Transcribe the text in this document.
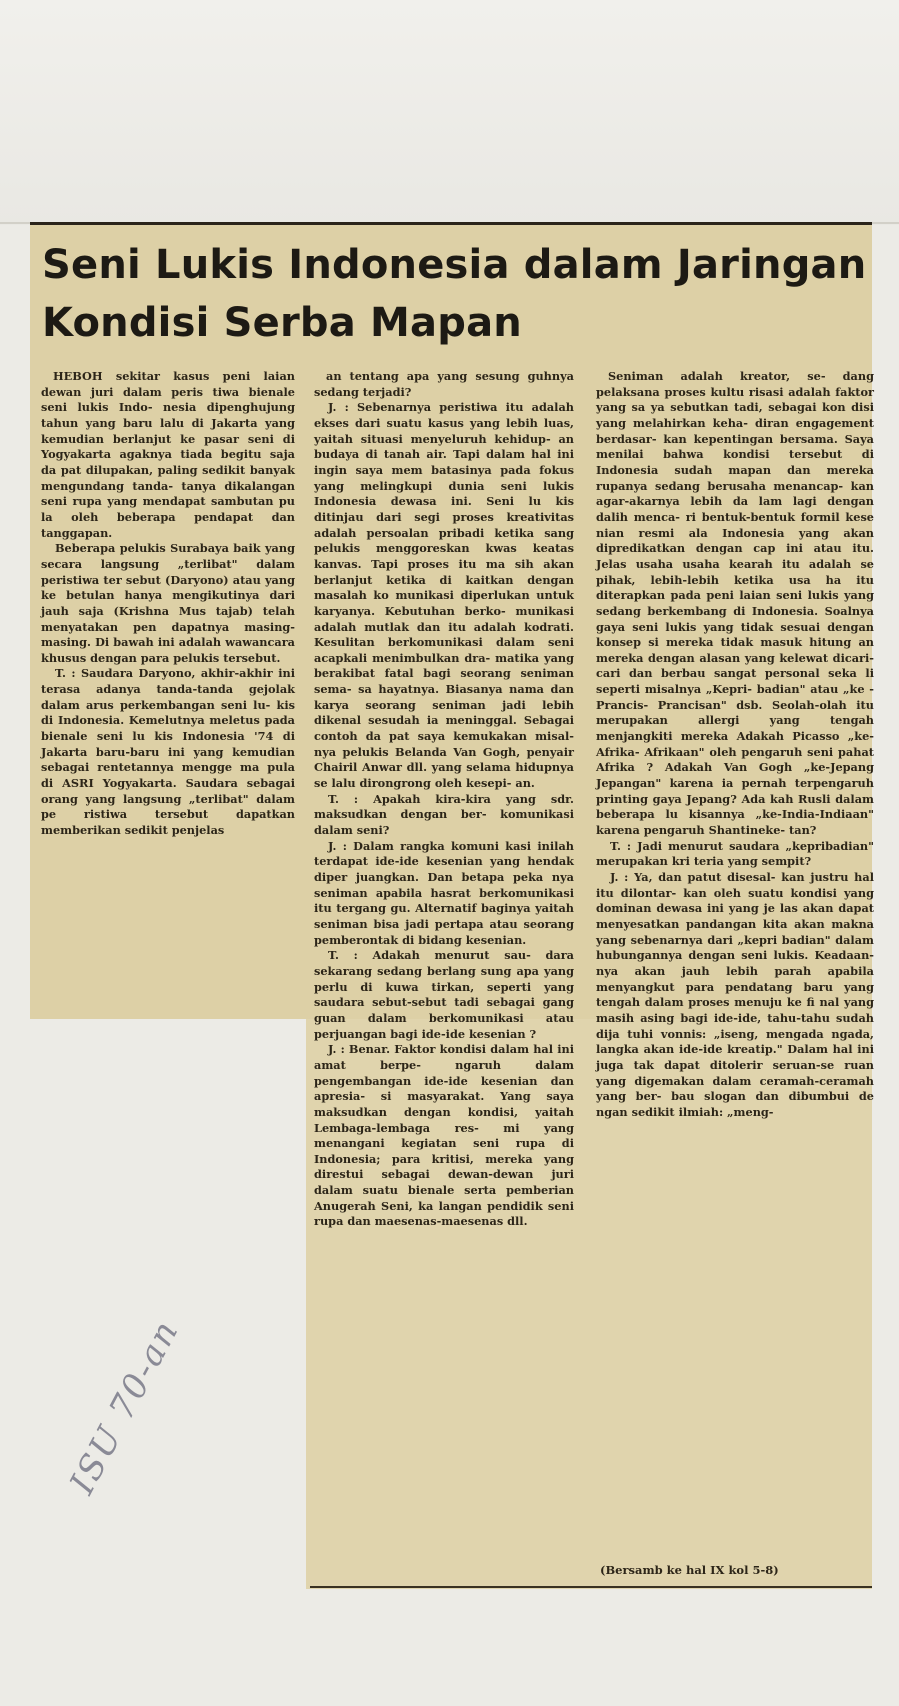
Seni Lukis Indonesia dalam Jaringan
Kondisi Serba Mapan

HEBOH sekitar kasus peni laian dewan juri dalam peris tiwa bienale seni lukis Indo- nesia dipenghujung tahun yang baru lalu di Jakarta yang kemudian berlanjut ke pasar seni di Yogyakarta agaknya tiada begitu saja da pat dilupakan, paling sedikit banyak mengundang tanda- tanya dikalangan seni rupa yang mendapat sambutan pu la oleh beberapa pendapat dan tanggapan.

Beberapa pelukis Surabaya baik yang secara langsung „terlibat" dalam peristiwa ter sebut (Daryono) atau yang ke betulan hanya mengikutinya dari jauh saja (Krishna Mus tajab) telah menyatakan pen dapatnya masing-masing. Di bawah ini adalah wawancara khusus dengan para pelukis tersebut.

T. : Saudara Daryono, akhir-akhir ini terasa adanya tanda-tanda gejolak dalam arus perkembangan seni lu- kis di Indonesia. Kemelutnya meletus pada bienale seni lu kis Indonesia '74 di Jakarta baru-baru ini yang kemudian sebagai rentetannya mengge ma pula di ASRI Yogyakarta. Saudara sebagai orang yang langsung „terlibat" dalam pe ristiwa tersebut dapatkan memberikan sedikit penjelas

an tentang apa yang sesung guhnya sedang terjadi?

J. : Sebenarnya peristiwa itu adalah ekses dari suatu kasus yang lebih luas, yaitah situasi menyeluruh kehidup- an budaya di tanah air. Tapi dalam hal ini ingin saya mem batasinya pada fokus yang melingkupi dunia seni lukis Indonesia dewasa ini. Seni lu kis ditinjau dari segi proses kreativitas adalah persoalan pribadi ketika sang pelukis menggoreskan kwas keatas kanvas. Tapi proses itu ma sih akan berlanjut ketika di kaitkan dengan masalah ko munikasi diperlukan untuk karyanya. Kebutuhan berko- munikasi adalah mutlak dan itu adalah kodrati. Kesulitan berkomunikasi dalam seni acapkali menimbulkan dra- matika yang berakibat fatal bagi seorang seniman sema- sa hayatnya. Biasanya nama dan karya seorang seniman jadi lebih dikenal sesudah ia meninggal. Sebagai contoh da pat saya kemukakan misal- nya pelukis Belanda Van Gogh, penyair Chairil Anwar dll. yang selama hidupnya se lalu dirongrong oleh kesepi- an.

T. : Apakah kira-kira yang sdr. maksudkan dengan ber- komunikasi dalam seni?

J. : Dalam rangka komuni kasi inilah terdapat ide-ide kesenian yang hendak diper juangkan. Dan betapa peka nya seniman apabila hasrat berkomunikasi itu tergang gu. Alternatif baginya yaitah seniman bisa jadi pertapa atau seorang pemberontak di bidang kesenian.

T. : Adakah menurut sau- dara sekarang sedang berlang sung apa yang perlu di kuwa tirkan, seperti yang saudara sebut-sebut tadi sebagai gang guan dalam berkomunikasi atau perjuangan bagi ide-ide kesenian ?

J. : Benar. Faktor kondisi dalam hal ini amat berpe- ngaruh dalam pengembangan ide-ide kesenian dan apresia- si masyarakat. Yang saya maksudkan dengan kondisi, yaitah Lembaga-lembaga res- mi yang menangani kegiatan seni rupa di Indonesia; para kritisi, mereka yang direstui sebagai dewan-dewan juri dalam suatu bienale serta pemberian Anugerah Seni, ka langan pendidik seni rupa dan maesenas-maesenas dll.

Seniman adalah kreator, se- dang pelaksana proses kultu risasi adalah faktor yang sa ya sebutkan tadi, sebagai kon disi yang melahirkan keha- diran engagement berdasar- kan kepentingan bersama. Saya menilai bahwa kondisi tersebut di Indonesia sudah mapan dan mereka rupanya sedang berusaha menancap- kan agar-akarnya lebih da lam lagi dengan dalih menca- ri bentuk-bentuk formil kese nian resmi ala Indonesia yang akan dipredikatkan dengan cap ini atau itu. Jelas usaha usaha kearah itu adalah se pihak, lebih-lebih ketika usa ha itu diterapkan pada peni laian seni lukis yang sedang berkembang di Indonesia. Soalnya gaya seni lukis yang tidak sesuai dengan konsep si mereka tidak masuk hitung an mereka dengan alasan yang kelewat dicari-cari dan berbau sangat personal seka li seperti misalnya „Kepri- badian" atau „ke - Prancis- Prancisan" dsb. Seolah-olah itu merupakan allergi yang tengah menjangkiti mereka Adakah Picasso „ke-Afrika- Afrikaan" oleh pengaruh seni pahat Afrika ? Adakah Van Gogh „ke-Jepang Jepangan" karena ia pernah terpengaruh printing gaya Jepang? Ada kah Rusli dalam beberapa lu kisannya „ke-India-Indiaan" karena pengaruh Shantineke- tan?

T. : Jadi menurut saudara „kepribadian" merupakan kri teria yang sempit?

J. : Ya, dan patut disesal- kan justru hal itu dilontar- kan oleh suatu kondisi yang dominan dewasa ini yang je las akan dapat menyesatkan pandangan kita akan makna yang sebenarnya dari „kepri badian" dalam hubungannya dengan seni lukis. Keadaan- nya akan jauh lebih parah apabila menyangkut para pendatang baru yang tengah dalam proses menuju ke fi nal yang masih asing bagi ide-ide, tahu-tahu sudah dija tuhi vonnis: „iseng, mengada ngada, langka akan ide-ide kreatip." Dalam hal ini juga tak dapat ditolerir seruan-se ruan yang digemakan dalam ceramah-ceramah yang ber- bau slogan dan dibumbui de ngan sedikit ilmiah: „meng-

(Bersamb ke hal IX kol 5-8)

ISU 70-an
